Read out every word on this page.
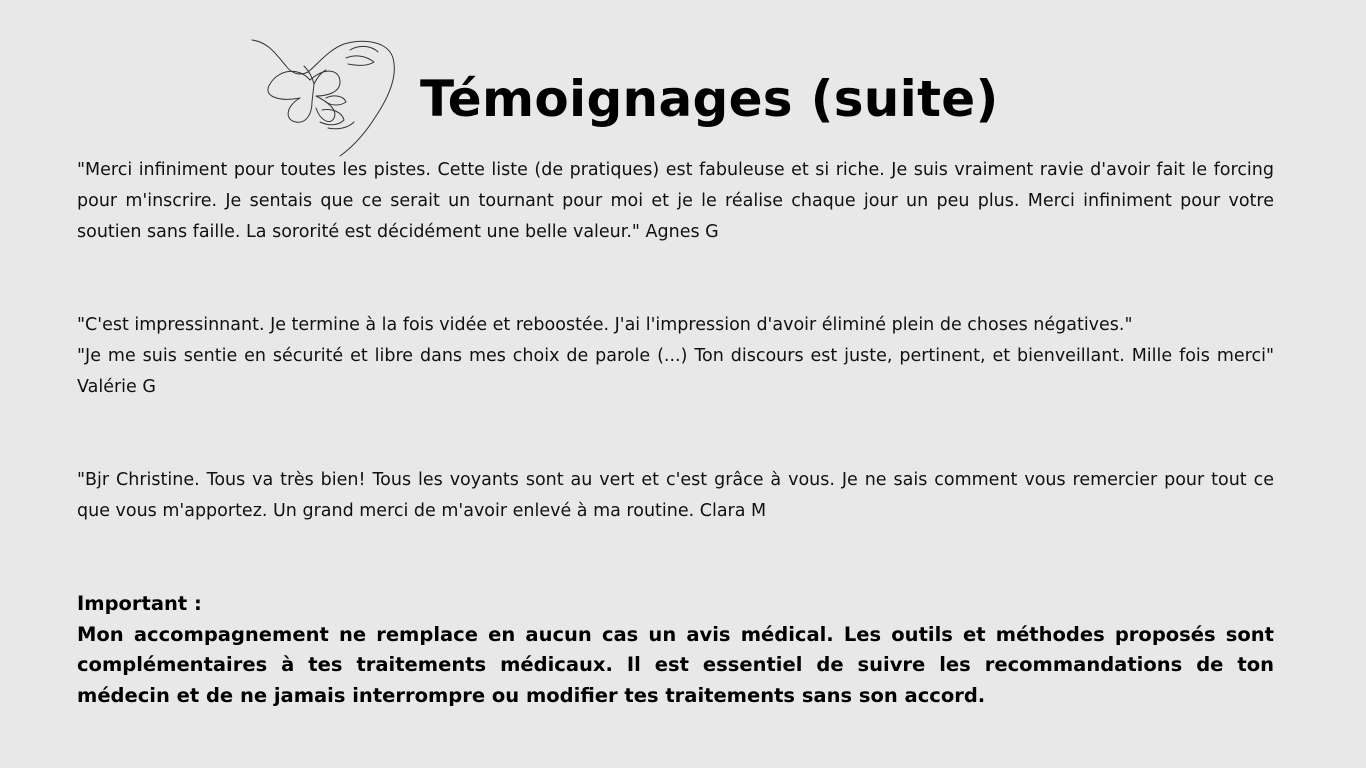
Témoignages (suite)

"Merci infiniment pour toutes les pistes. Cette liste (de pratiques) est fabuleuse et si riche. Je suis vraiment ravie d'avoir fait le forcing pour m'inscrire. Je sentais que ce serait un tournant pour moi et je le réalise chaque jour un peu plus. Merci infiniment pour votre soutien sans faille. La sororité est décidément une belle valeur." Agnes G

"C'est impressinnant. Je termine à la fois vidée et reboostée. J'ai l'impression d'avoir éliminé plein de choses négatives."

"Je me suis sentie en sécurité et libre dans mes choix de parole (...) Ton discours est juste, pertinent, et bienveillant. Mille fois merci" Valérie G

"Bjr Christine. Tous va très bien! Tous les voyants sont au vert et c'est grâce à vous. Je ne sais comment vous remercier pour tout ce que vous m'apportez. Un grand merci de m'avoir enlevé à ma routine. Clara M

Important :
Mon accompagnement ne remplace en aucun cas un avis médical. Les outils et méthodes proposés sont complémentaires à tes traitements médicaux. Il est essentiel de suivre les recommandations de ton médecin et de ne jamais interrompre ou modifier tes traitements sans son accord.
